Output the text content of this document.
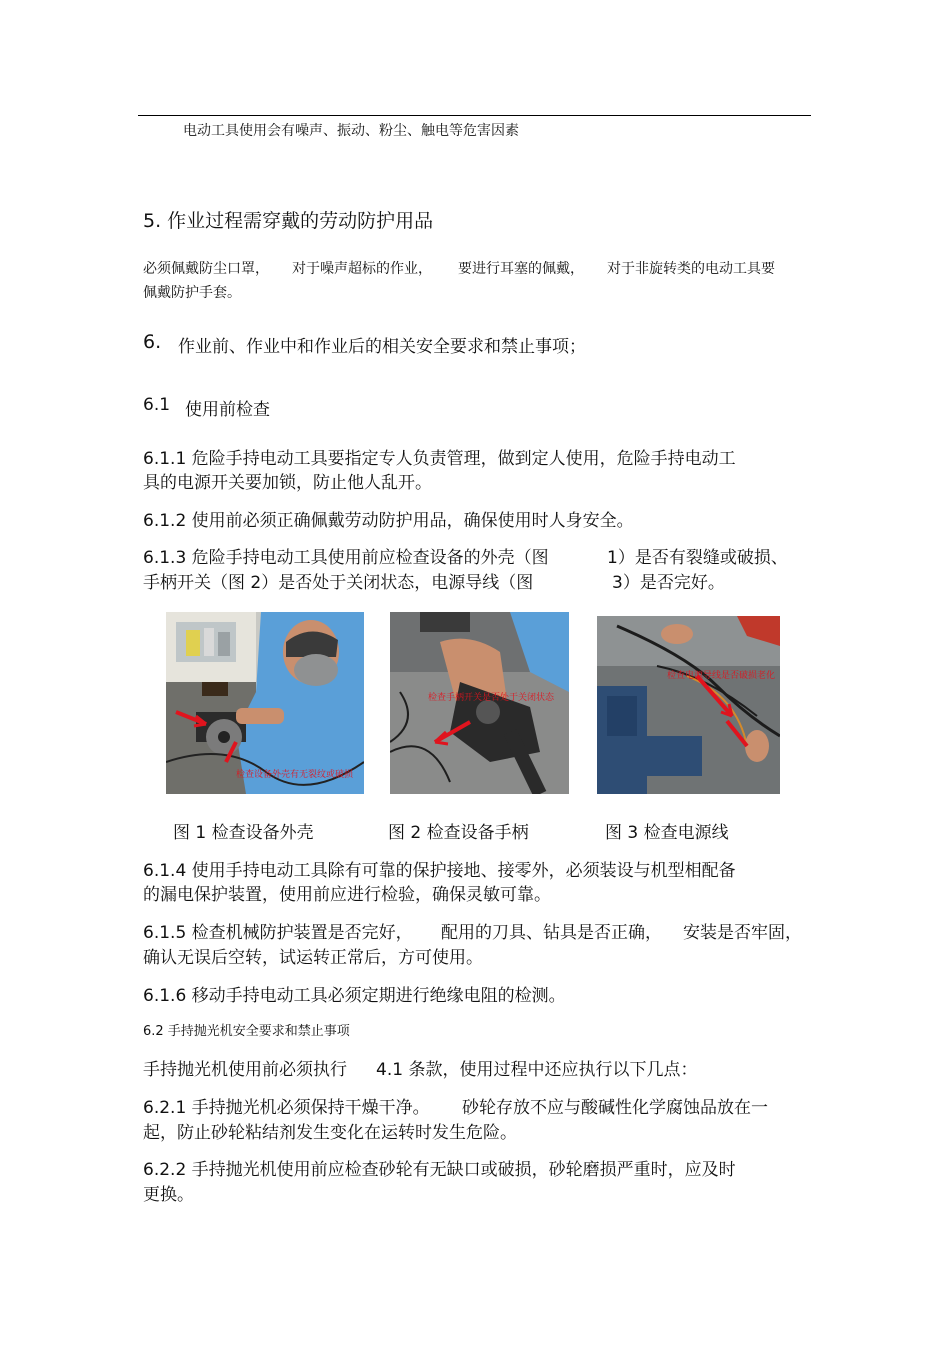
电动工具使用会有噪声、振动、粉尘、触电等危害因素
5. 作业过程需穿戴的劳动防护用品
必须佩戴防尘口罩， 对于噪声超标的作业， 要进行耳塞的佩戴， 对于非旋转类的电动工具要
佩戴防护手套。
6. 作业前、作业中和作业后的相关安全要求和禁止事项；
6.1 使用前检查
6.1.1 危险手持电动工具要指定专人负责管理，做到定人使用，危险手持电动工
具的电源开关要加锁，防止他人乱开。
6.1.2 使用前必须正确佩戴劳动防护用品，确保使用时人身安全。
6.1.3 危险手持电动工具使用前应检查设备的外壳（图	1）是否有裂缝或破损、
手柄开关（图 2）是否处于关闭状态，电源导线（图	3）是否完好。
检查设备外壳有无裂纹或破损
检查手柄开关是否处于关闭状态
检查电源导线是否破损老化
图 1 检查设备外壳	图 2 检查设备手柄	图 3 检查电源线
6.1.4 使用手持电动工具除有可靠的保护接地、接零外，必须装设与机型相配备
的漏电保护装置，使用前应进行检验，确保灵敏可靠。
6.1.5 检查机械防护装置是否完好， 配用的刀具、钻具是否正确， 安装是否牢固，
确认无误后空转，试运转正常后，方可使用。
6.1.6 移动手持电动工具必须定期进行绝缘电阻的检测。
6.2 手持抛光机安全要求和禁止事项
手持抛光机使用前必须执行 4.1 条款，使用过程中还应执行以下几点：
6.2.1 手持抛光机必须保持干燥干净。 砂轮存放不应与酸碱性化学腐蚀品放在一
起，防止砂轮粘结剂发生变化在运转时发生危险。
6.2.2 手持抛光机使用前应检查砂轮有无缺口或破损，砂轮磨损严重时，应及时
更换。
